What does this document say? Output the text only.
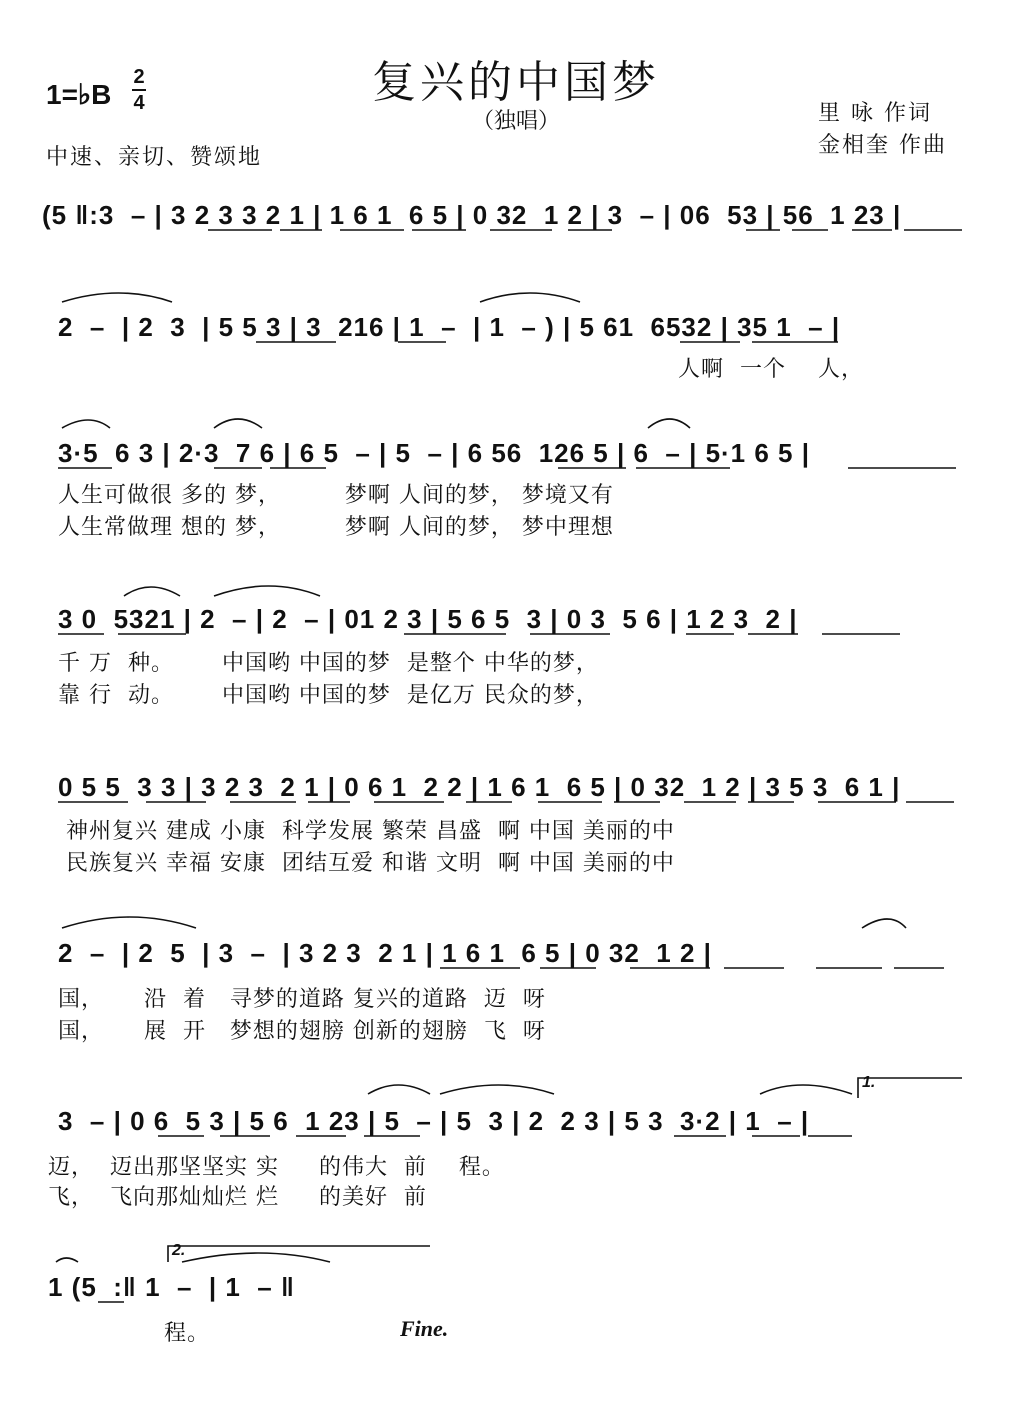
复兴的中国梦
（独唱）
1=♭B
2
4
中速、亲切、赞颂地
里 咏 作词
金相奎 作曲
(5 ‖:3  – | 3 2 3 3 2 1 | 1 6 1  6 5 | 0 32  1 2 | 3  – | 06  53 | 56  1 23 |
2  –  | 2  3  | 5 5 3 | 3  216 | 1  –  | 1  – ) | 5 61  6532 | 35 1  – |
人啊  一个    人，
3·5  6 3 | 2·3  7 6 | 6 5  – | 5  – | 6 56  126 5 | 6  – | 5·1 6 5 |
人生可做很 多的 梦，        梦啊 人间的梦， 梦境又有
人生常做理 想的 梦，        梦啊 人间的梦， 梦中理想
3 0  5321 | 2  – | 2  – | 01 2 3 | 5 6 5  3 | 0 3  5 6 | 1 2 3  2 |
千 万  种。      中国哟 中国的梦  是整个 中华的梦，
靠 行  动。      中国哟 中国的梦  是亿万 民众的梦，
0 5 5  3 3 | 3 2 3  2 1 | 0 6 1  2 2 | 1 6 1  6 5 | 0 32  1 2 | 3 5 3  6 1 |
神州复兴 建成 小康  科学发展 繁荣 昌盛  啊 中国 美丽的中
民族复兴 幸福 安康  团结互爱 和谐 文明  啊 中国 美丽的中
2  –  | 2  5  | 3  –  | 3 2 3  2 1 | 1 6 1  6 5 | 0 32  1 2 |
国，     沿  着   寻梦的道路 复兴的道路  迈  呀
国，     展  开   梦想的翅膀 创新的翅膀  飞  呀
3  – | 0 6  5 3 | 5 6  1 23 | 5  – | 5  3 | 2  2 3 | 5 3  3·2 | 1  – |
迈，  迈出那坚坚实 实     的伟大  前    程。
飞，  飞向那灿灿烂 烂     的美好  前
1.
1 (5  :‖ 1  –  | 1  – ‖
程。
2.
Fine.
